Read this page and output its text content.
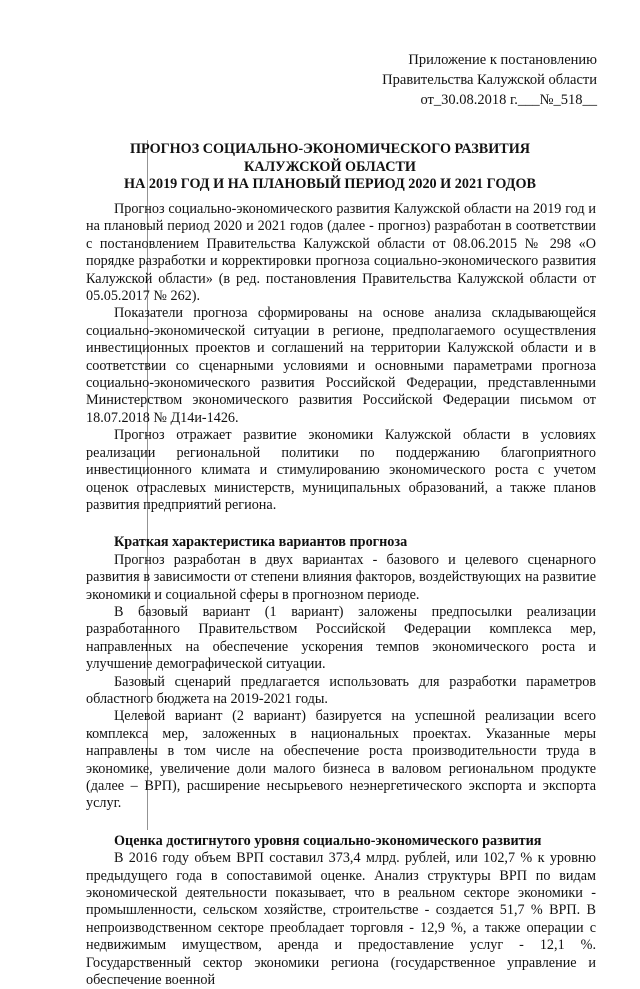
Приложение к постановлению
Правительства Калужской области
от_30.08.2018 г.___№_518__
ПРОГНОЗ СОЦИАЛЬНО-ЭКОНОМИЧЕСКОГО РАЗВИТИЯ
КАЛУЖСКОЙ ОБЛАСТИ
НА 2019 ГОД И НА ПЛАНОВЫЙ ПЕРИОД 2020 И 2021 ГОДОВ

Прогноз социально-экономического развития Калужской области на 2019 год и на плановый период 2020 и 2021 годов (далее - прогноз) разработан в соответствии с постановлением Правительства Калужской области от 08.06.2015 № 298 «О порядке разработки и корректировки прогноза социально-экономического развития Калужской области» (в ред. постановления Правительства Калужской области от 05.05.2017 № 262).

Показатели прогноза сформированы на основе анализа складывающейся социально-экономической ситуации в регионе, предполагаемого осуществления инвестиционных проектов и соглашений на территории Калужской области и в соответствии со сценарными условиями и основными параметрами прогноза социально-экономического развития Российской Федерации, представленными Министерством экономического развития Российской Федерации письмом от 18.07.2018 № Д14и-1426.

Прогноз отражает развитие экономики Калужской области в условиях реализации региональной политики по поддержанию благоприятного инвестиционного климата и стимулированию экономического роста с учетом оценок отраслевых министерств, муниципальных образований, а также планов развития предприятий региона.

Краткая характеристика вариантов прогноза

Прогноз разработан в двух вариантах - базового и целевого сценарного развития в зависимости от степени влияния факторов, воздействующих на развитие экономики и социальной сферы в прогнозном периоде.

В базовый вариант (1 вариант) заложены предпосылки реализации разработанного Правительством Российской Федерации комплекса мер, направленных на обеспечение ускорения темпов экономического роста и улучшение демографической ситуации.

Базовый сценарий предлагается использовать для разработки параметров областного бюджета на 2019-2021 годы.

Целевой вариант (2 вариант) базируется на успешной реализации всего комплекса мер, заложенных в национальных проектах. Указанные меры направлены в том числе на обеспечение роста производительности труда в экономике, увеличение доли малого бизнеса в валовом региональном продукте (далее – ВРП), расширение несырьевого неэнергетического экспорта и экспорта услуг.

Оценка достигнутого уровня социально-экономического развития

В 2016 году объем ВРП составил 373,4 млрд. рублей, или 102,7 % к уровню предыдущего года в сопоставимой оценке. Анализ структуры ВРП по видам экономической деятельности показывает, что в реальном секторе экономики - промышленности, сельском хозяйстве, строительстве - создается 51,7 % ВРП. В непроизводственном секторе преобладает торговля - 12,9 %, а также операции с недвижимым имуществом, аренда и предоставление услуг - 12,1 %. Государственный сектор экономики региона (государственное управление и обеспечение военной
